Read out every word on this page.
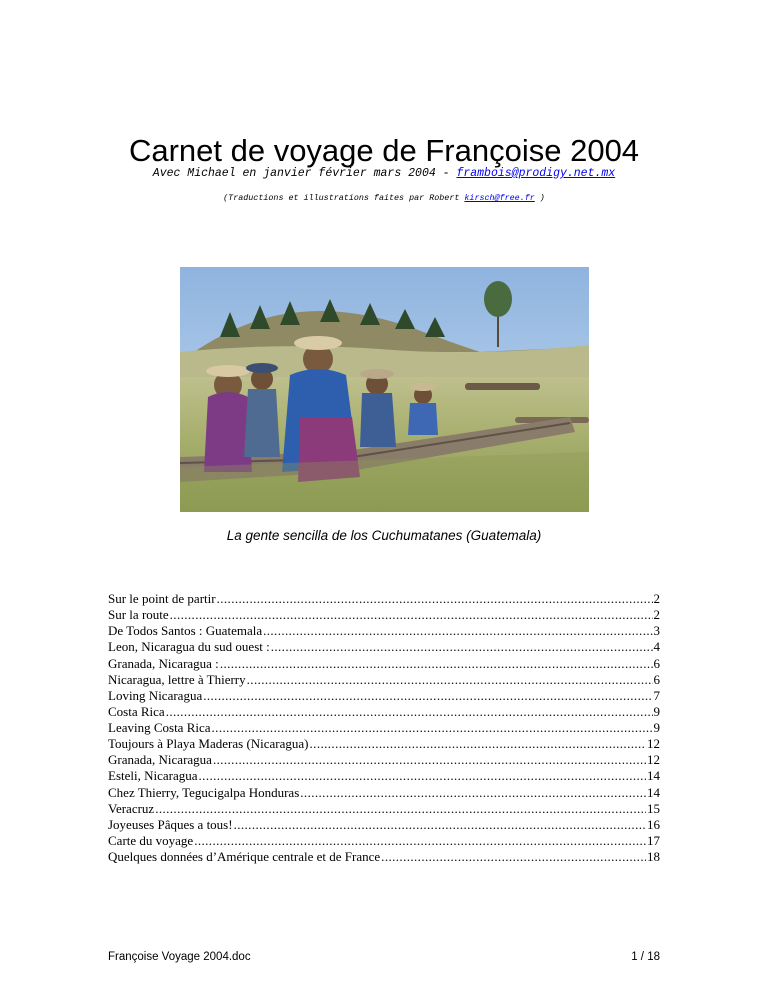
Carnet de voyage de Françoise 2004
Avec Michael en janvier février mars 2004 - frambois@prodigy.net.mx
(Traductions et illustrations faites par Robert kirsch@free.fr )
La gente sencilla de los Cuchumatanes (Guatemala)
Sur le point de partir .....	2
Sur la route .....	2
De Todos Santos : Guatemala .....	3
Leon, Nicaragua du sud ouest : .....	4
Granada, Nicaragua : .....	6
Nicaragua, lettre à Thierry .....	6
Loving Nicaragua .....	7
Costa Rica .....	9
Leaving Costa Rica .....	9
Toujours à Playa Maderas (Nicaragua) .....	12
Granada, Nicaragua .....	12
Esteli, Nicaragua .....	14
Chez Thierry, Tegucigalpa Honduras .....	14
Veracruz .....	15
Joyeuses Pâques a tous! .....	16
Carte du voyage .....	17
Quelques données d’Amérique centrale et de France .....	18
Françoise Voyage 2004.doc	1 / 18
